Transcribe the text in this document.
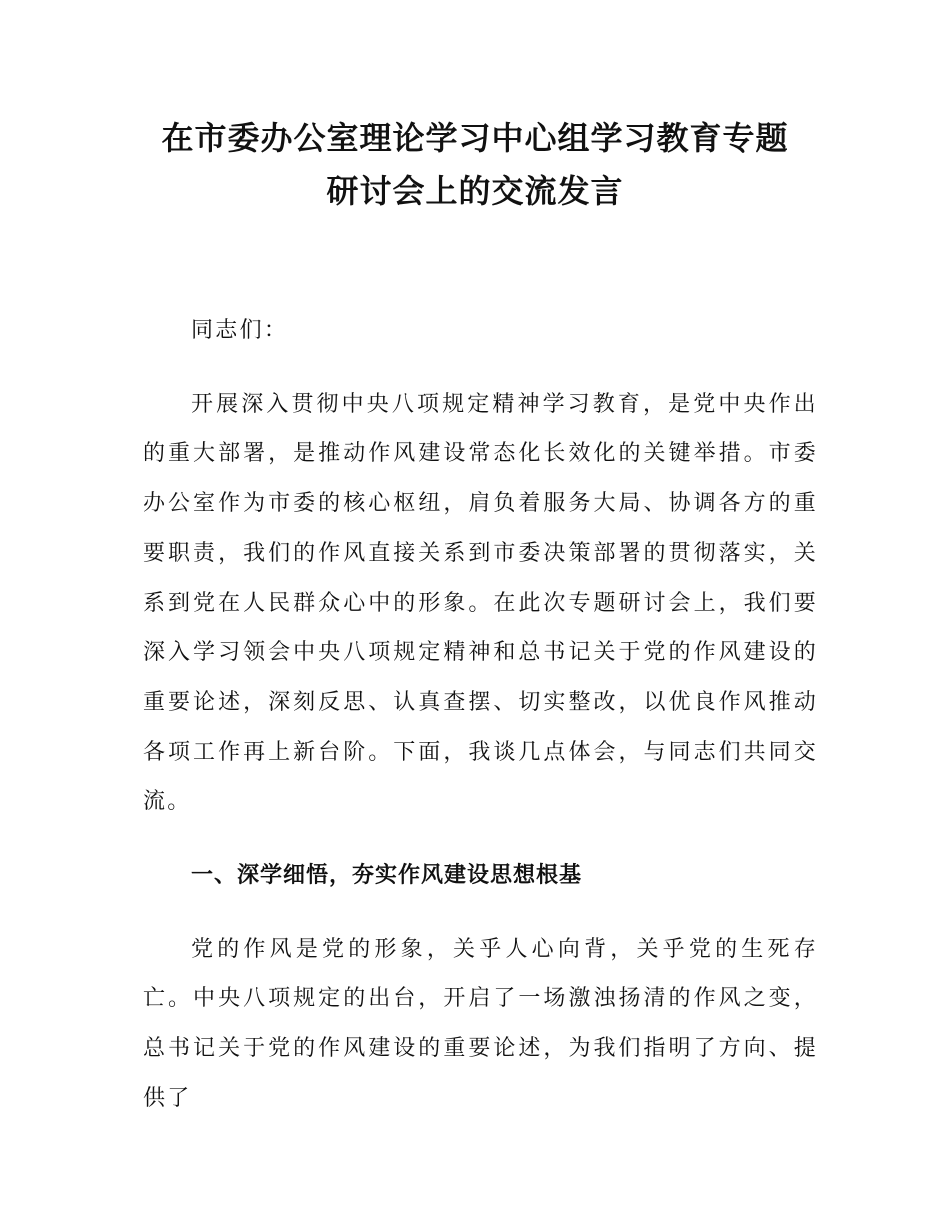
在市委办公室理论学习中心组学习教育专题
研讨会上的交流发言

同志们：

开展深入贯彻中央八项规定精神学习教育，是党中央作出的重大部署，是推动作风建设常态化长效化的关键举措。市委办公室作为市委的核心枢纽，肩负着服务大局、协调各方的重要职责，我们的作风直接关系到市委决策部署的贯彻落实，关系到党在人民群众心中的形象。在此次专题研讨会上，我们要深入学习领会中央八项规定精神和总书记关于党的作风建设的重要论述，深刻反思、认真查摆、切实整改，以优良作风推动各项工作再上新台阶。下面，我谈几点体会，与同志们共同交流。

一、深学细悟，夯实作风建设思想根基

党的作风是党的形象，关乎人心向背，关乎党的生死存亡。中央八项规定的出台，开启了一场激浊扬清的作风之变，总书记关于党的作风建设的重要论述，为我们指明了方向、提供了
